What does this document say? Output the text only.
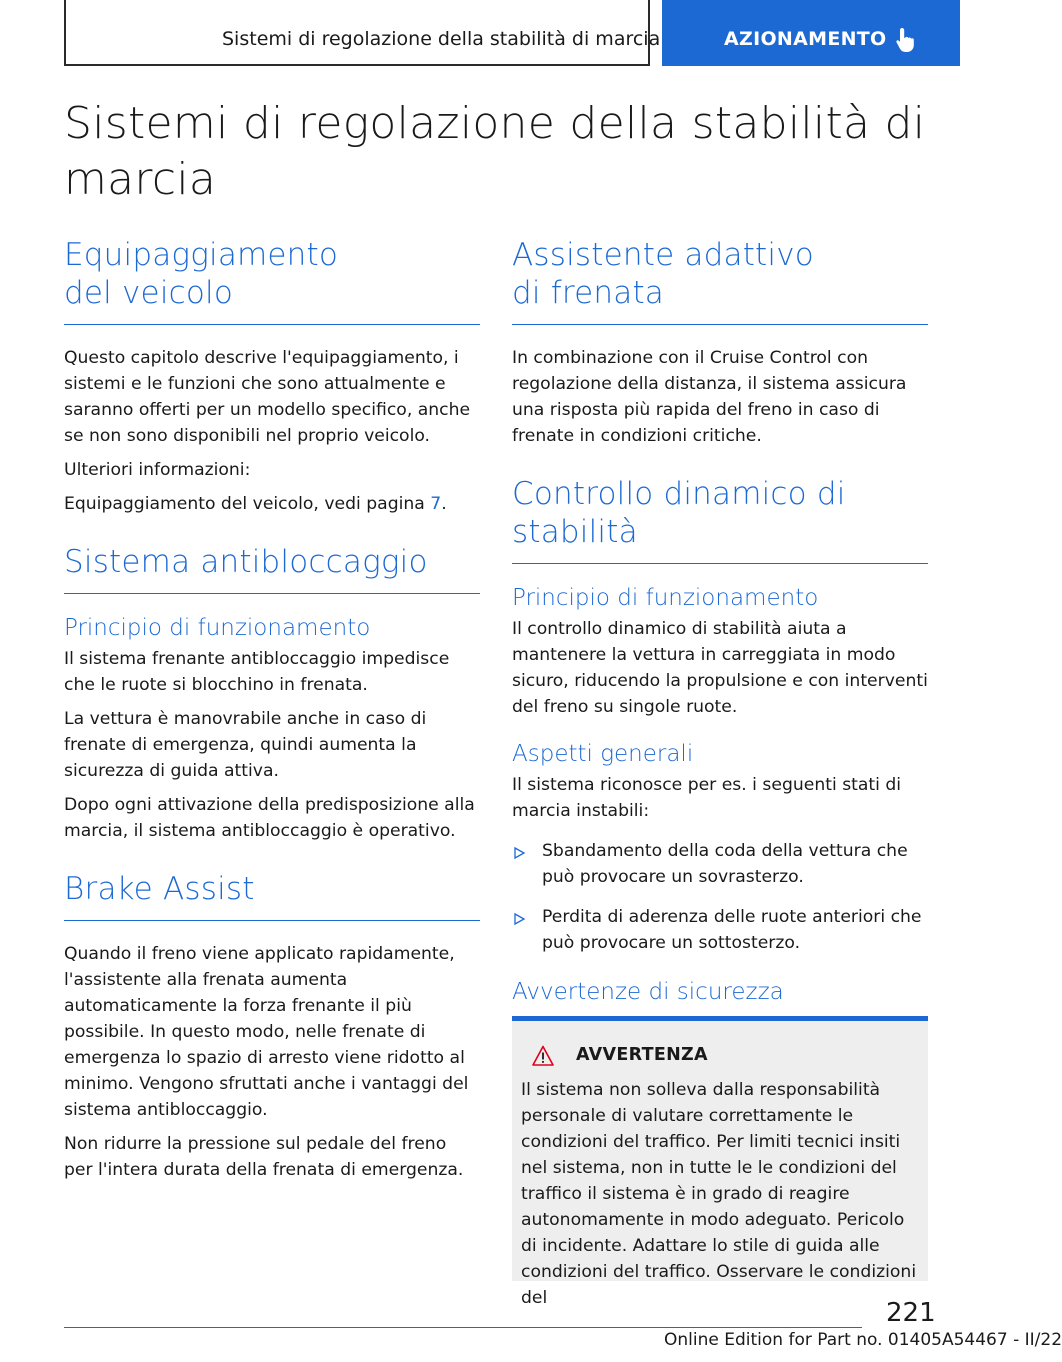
Sistemi di regolazione della stabilità di marcia	AZIONAMENTO
Sistemi di regolazione della stabilità di marcia
Equipaggiamento del veicolo

Questo capitolo descrive l'equipaggiamento, i sistemi e le funzioni che sono attualmente e saranno offerti per un modello specifico, anche se non sono disponibili nel proprio veicolo.

Ulteriori informazioni:

Equipaggiamento del veicolo, vedi pagina 7.

Sistema antibloccaggio
Principio di funzionamento

Il sistema frenante antibloccaggio impedisce che le ruote si blocchino in frenata.

La vettura è manovrabile anche in caso di frenate di emergenza, quindi aumenta la sicurezza di guida attiva.

Dopo ogni attivazione della predisposizione alla marcia, il sistema antibloccaggio è operativo.

Brake Assist

Quando il freno viene applicato rapidamente, l'assistente alla frenata aumenta automaticamente la forza frenante il più possibile. In questo modo, nelle frenate di emergenza lo spazio di arresto viene ridotto al minimo. Vengono sfruttati anche i vantaggi del sistema antibloccaggio.

Non ridurre la pressione sul pedale del freno per l'intera durata della frenata di emergenza.

Assistente adattivo di frenata

In combinazione con il Cruise Control con regolazione della distanza, il sistema assicura una risposta più rapida del freno in caso di frenate in condizioni critiche.

Controllo dinamico di stabilità
Principio di funzionamento

Il controllo dinamico di stabilità aiuta a mantenere la vettura in carreggiata in modo sicuro, riducendo la propulsione e con interventi del freno su singole ruote.

Aspetti generali

Il sistema riconosce per es. i seguenti stati di marcia instabili:

Sbandamento della coda della vettura che può provocare un sovrasterzo.
Perdita di aderenza delle ruote anteriori che può provocare un sottosterzo.
Avvertenze di sicurezza
AVVERTENZA
Il sistema non solleva dalla responsabilità personale di valutare correttamente le condizioni del traffico. Per limiti tecnici insiti nel sistema, non in tutte le le condizioni del traffico il sistema è in grado di reagire autonomamente in modo adeguato. Pericolo di incidente. Adattare lo stile di guida alle condizioni del traffico. Osservare le condizioni del	221
Online Edition for Part no. 01405A54467 - II/22
